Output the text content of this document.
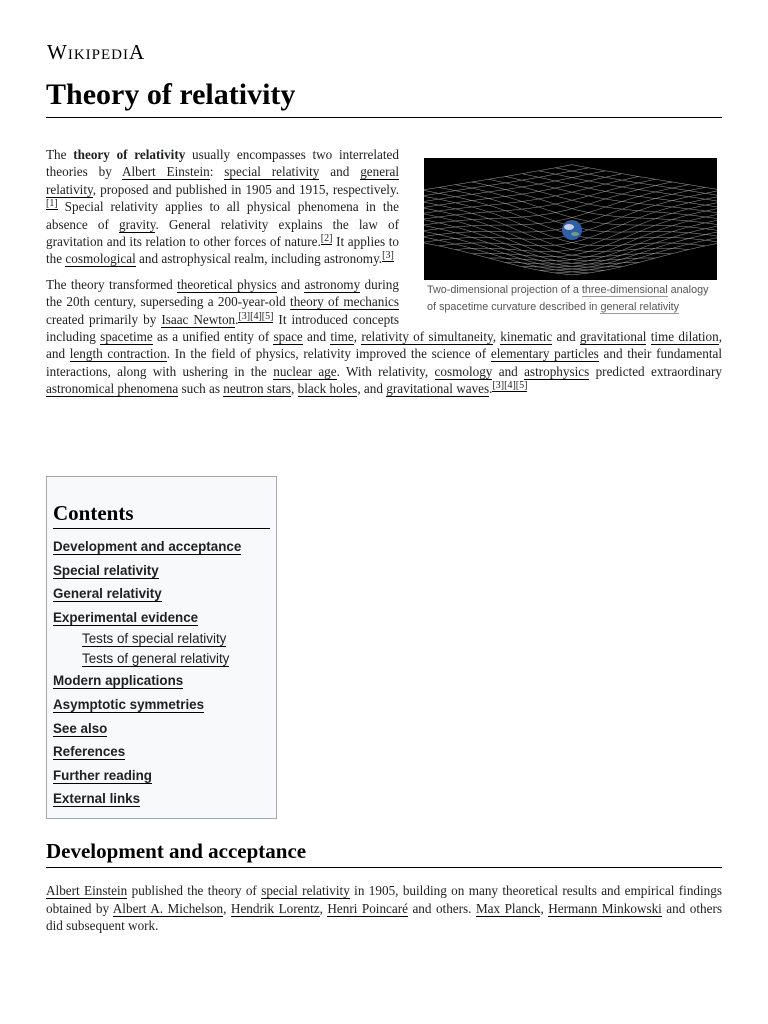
WIKIPEDIA
Theory of relativity
Two-dimensional projection of a three-dimensional analogy of spacetime curvature described in general relativity

The theory of relativity usually encompasses two interrelated theories by Albert Einstein: special relativity and general relativity, proposed and published in 1905 and 1915, respectively.[1] Special relativity applies to all physical phenomena in the absence of gravity. General relativity explains the law of gravitation and its relation to other forces of nature.[2] It applies to the cosmological and astrophysical realm, including astronomy.[3]

The theory transformed theoretical physics and astronomy during the 20th century, superseding a 200-year-old theory of mechanics created primarily by Isaac Newton.[3][4][5] It introduced concepts including spacetime as a unified entity of space and time, relativity of simultaneity, kinematic and gravitational time dilation, and length contraction. In the field of physics, relativity improved the science of elementary particles and their fundamental interactions, along with ushering in the nuclear age. With relativity, cosmology and astrophysics predicted extraordinary astronomical phenomena such as neutron stars, black holes, and gravitational waves.[3][4][5]

Contents
Development and acceptance
Special relativity
General relativity
Experimental evidence
Tests of special relativity
Tests of general relativity
Modern applications
Asymptotic symmetries
See also
References
Further reading
External links
Development and acceptance

Albert Einstein published the theory of special relativity in 1905, building on many theoretical results and empirical findings obtained by Albert A. Michelson, Hendrik Lorentz, Henri Poincaré and others. Max Planck, Hermann Minkowski and others did subsequent work.
